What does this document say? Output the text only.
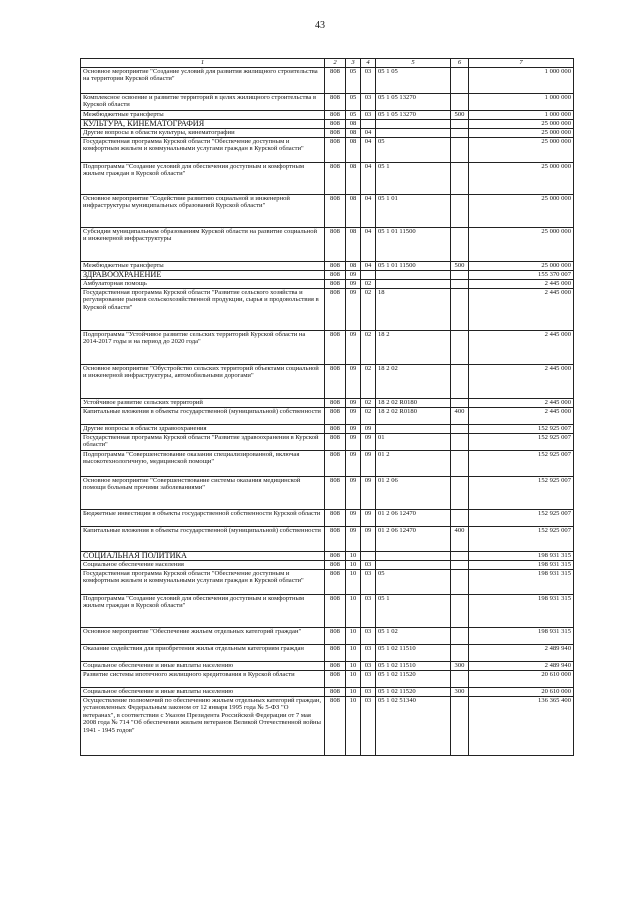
43
1	2	3	4	5	6	7
Основное мероприятие "Создание условий для развития жилищного строительства на территории Курской области"	808	05	03	05 1 05		1 000 000
Комплексное освоение и развитие территорий в целях жилищного строительства в Курской области	808	05	03	05 1 05 13270		1 000 000
Межбюджетные трансферты	808	05	03	05 1 05 13270	500	1 000 000
КУЛЬТУРА, КИНЕМАТОГРАФИЯ	808	08				25 000 000
Другие вопросы в области культуры, кинематографии	808	08	04			25 000 000
Государственная программа Курской области "Обеспечение доступным и комфортным жильем и коммунальными услугами граждан в Курской области"	808	08	04	05		25 000 000
Подпрограмма "Создание условий для обеспечения доступным и комфортным жильем граждан в Курской области"	808	08	04	05 1		25 000 000
Основное мероприятие "Содействие развитию социальной и инженерной инфраструктуры муниципальных образований Курской области"	808	08	04	05 1 01		25 000 000
Субсидии муниципальным образованиям Курской области на развитие социальной и инженерной инфраструктуры	808	08	04	05 1 01 11500		25 000 000
Межбюджетные трансферты	808	08	04	05 1 01 11500	500	25 000 000
ЗДРАВООХРАНЕНИЕ	808	09				155 370 007
Амбулаторная помощь	808	09	02			2 445 000
Государственная программа Курской области "Развитие сельского хозяйства и регулирование рынков сельскохозяйственной продукции, сырья и продовольствия в Курской области"	808	09	02	18		2 445 000
Подпрограмма "Устойчивое развитие сельских территорий Курской области на 2014-2017 годы и на период до 2020 года"	808	09	02	18 2		2 445 000
Основное мероприятие "Обустройство сельских территорий объектами социальной и инженерной инфраструктуры, автомобильными дорогами"	808	09	02	18 2 02		2 445 000
Устойчивое развитие сельских территорий	808	09	02	18 2 02 R0180		2 445 000
Капитальные вложения в объекты государственной (муниципальной) собственности	808	09	02	18 2 02 R0180	400	2 445 000
Другие вопросы в области здравоохранения	808	09	09			152 925 007
Государственная программа Курской области "Развитие здравоохранения в Курской области"	808	09	09	01		152 925 007
Подпрограмма "Совершенствование оказания специализированной, включая высокотехнологичную, медицинской помощи"	808	09	09	01 2		152 925 007
Основное мероприятие "Совершенствование системы оказания медицинской помощи больным прочими заболеваниями"	808	09	09	01 2 06		152 925 007
Бюджетные инвестиции в объекты государственной собственности Курской области	808	09	09	01 2 06 12470		152 925 007
Капитальные вложения в объекты государственной (муниципальной) собственности	808	09	09	01 2 06 12470	400	152 925 007
СОЦИАЛЬНАЯ ПОЛИТИКА	808	10				198 931 315
Социальное обеспечение населения	808	10	03			198 931 315
Государственная программа Курской области "Обеспечение доступным и комфортным жильем и коммунальными услугами граждан в Курской области"	808	10	03	05		198 931 315
Подпрограмма "Создание условий для обеспечения доступным и комфортным жильем граждан в Курской области"	808	10	03	05 1		198 931 315
Основное мероприятие "Обеспечение жильем отдельных категорий граждан"	808	10	03	05 1 02		198 931 315
Оказание содействия для приобретения жилья отдельным категориям граждан	808	10	03	05 1 02 11510		2 489 940
Социальное обеспечение и иные выплаты населению	808	10	03	05 1 02 11510	300	2 489 940
Развитие системы ипотечного жилищного кредитования в Курской области	808	10	03	05 1 02 11520		20 610 000
Социальное обеспечение и иные выплаты населению	808	10	03	05 1 02 11520	300	20 610 000
Осуществление полномочий по обеспечению жильем отдельных категорий граждан, установленных Федеральным законом от 12 января 1995 года № 5-ФЗ "О ветеранах", в соответствии с Указом Президента Российской Федерации от 7 мая 2008 года № 714 "Об обеспечении жильем ветеранов Великой Отечественной войны 1941 - 1945 годов"	808	10	03	05 1 02 51340		136 365 400
